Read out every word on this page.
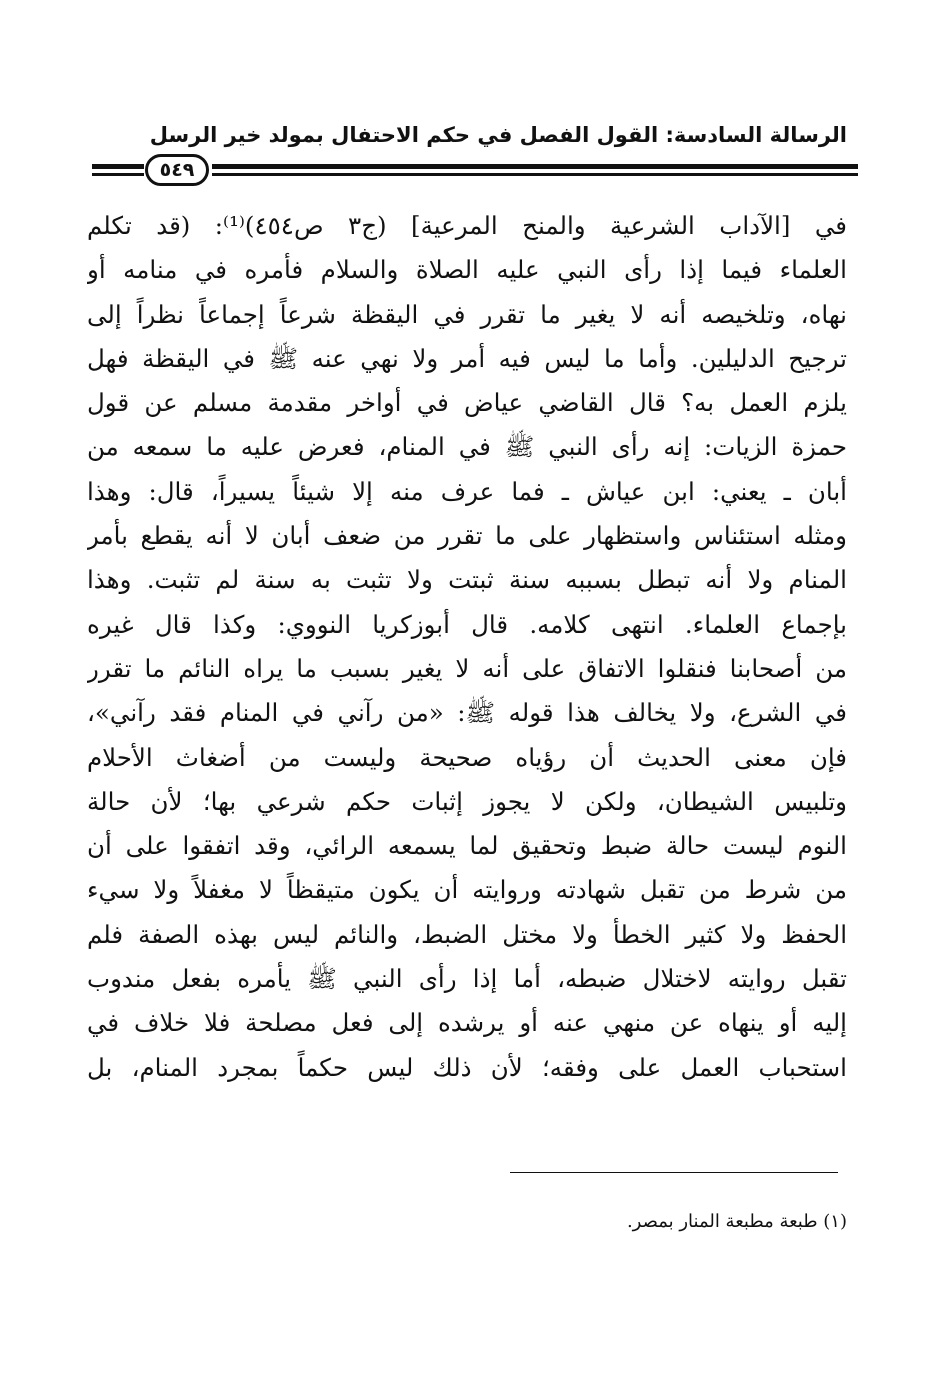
الرسالة السادسة: القول الفصل في حكم الاحتفال بمولد خير الرسل
٥٤٩
في [الآداب الشرعية والمنح المرعية] (ج٣ ص٤٥٤)⁽¹⁾: (قد تكلم
العلماء فيما إذا رأى النبي عليه الصلاة والسلام فأمره في منامه أو
نهاه، وتلخيصه أنه لا يغير ما تقرر في اليقظة شرعاً إجماعاً نظراً إلى
ترجيح الدليلين. وأما ما ليس فيه أمر ولا نهي عنه ﷺ في اليقظة فهل
يلزم العمل به؟ قال القاضي عياض في أواخر مقدمة مسلم عن قول
حمزة الزيات: إنه رأى النبي ﷺ في المنام، فعرض عليه ما سمعه من
أبان ـ يعني: ابن عياش ـ فما عرف منه إلا شيئاً يسيراً، قال: وهذا
ومثله استئناس واستظهار على ما تقرر من ضعف أبان لا أنه يقطع بأمر
المنام ولا أنه تبطل بسببه سنة ثبتت ولا تثبت به سنة لم تثبت. وهذا
بإجماع العلماء. انتهى كلامه. قال أبوزكريا النووي: وكذا قال غيره
من أصحابنا فنقلوا الاتفاق على أنه لا يغير بسبب ما يراه النائم ما تقرر
في الشرع، ولا يخالف هذا قوله ﷺ: «من رآني في المنام فقد رآني»،
فإن معنى الحديث أن رؤياه صحيحة وليست من أضغاث الأحلام
وتلبيس الشيطان، ولكن لا يجوز إثبات حكم شرعي بها؛ لأن حالة
النوم ليست حالة ضبط وتحقيق لما يسمعه الرائي، وقد اتفقوا على أن
من شرط من تقبل شهادته وروايته أن يكون متيقظاً لا مغفلاً ولا سيء
الحفظ ولا كثير الخطأ ولا مختل الضبط، والنائم ليس بهذه الصفة فلم
تقبل روايته لاختلال ضبطه، أما إذا رأى النبي ﷺ يأمره بفعل مندوب
إليه أو ينهاه عن منهي عنه أو يرشده إلى فعل مصلحة فلا خلاف في
استحباب العمل على وفقه؛ لأن ذلك ليس حكماً بمجرد المنام، بل
(١) طبعة مطبعة المنار بمصر.
